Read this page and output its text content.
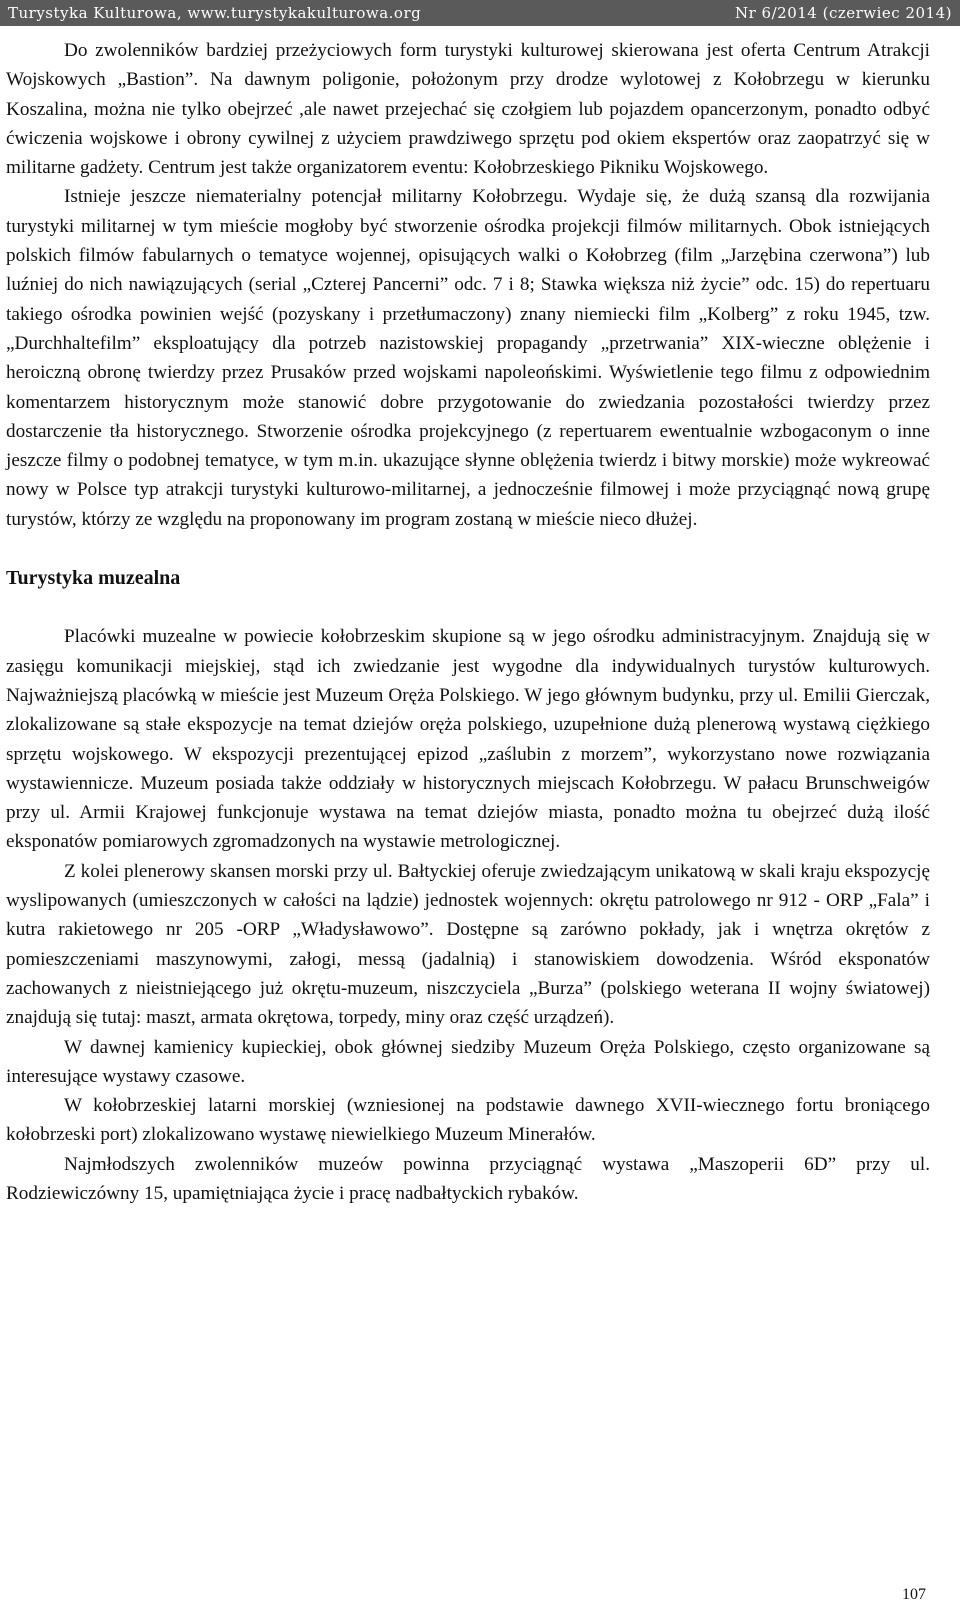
Turystyka Kulturowa, www.turystykakulturowa.org	Nr 6/2014 (czerwiec 2014)

Do zwolenników bardziej przeżyciowych form turystyki kulturowej skierowana jest oferta Centrum Atrakcji Wojskowych „Bastion”. Na dawnym poligonie, położonym przy drodze wylotowej z Kołobrzegu w kierunku Koszalina, można nie tylko obejrzeć ,ale nawet przejechać się czołgiem lub pojazdem opancerzonym, ponadto odbyć ćwiczenia wojskowe i obrony cywilnej z użyciem prawdziwego sprzętu pod okiem ekspertów oraz zaopatrzyć się w militarne gadżety. Centrum jest także organizatorem eventu: Kołobrzeskiego Pikniku Wojskowego.

Istnieje jeszcze niematerialny potencjał militarny Kołobrzegu. Wydaje się, że dużą szansą dla rozwijania turystyki militarnej w tym mieście mogłoby być stworzenie ośrodka projekcji filmów militarnych. Obok istniejących polskich filmów fabularnych o tematyce wojennej, opisujących walki o Kołobrzeg (film „Jarzębina czerwona”) lub luźniej do nich nawiązujących (serial „Czterej Pancerni” odc. 7 i 8; Stawka większa niż życie” odc. 15) do repertuaru takiego ośrodka powinien wejść (pozyskany i przetłumaczony) znany niemiecki film „Kolberg” z roku 1945, tzw. „Durchhaltefilm” eksploatujący dla potrzeb nazistowskiej propagandy „przetrwania” XIX-wieczne oblężenie i heroiczną obronę twierdzy przez Prusaków przed wojskami napoleońskimi. Wyświetlenie tego filmu z odpowiednim komentarzem historycznym może stanowić dobre przygotowanie do zwiedzania pozostałości twierdzy przez dostarczenie tła historycznego. Stworzenie ośrodka projekcyjnego (z repertuarem ewentualnie wzbogaconym o inne jeszcze filmy o podobnej tematyce, w tym m.in. ukazujące słynne oblężenia twierdz i bitwy morskie) może wykreować nowy w Polsce typ atrakcji turystyki kulturowo-militarnej, a jednocześnie filmowej i może przyciągnąć nową grupę turystów, którzy ze względu na proponowany im program zostaną w mieście nieco dłużej.

Turystyka muzealna

Placówki muzealne w powiecie kołobrzeskim skupione są w jego ośrodku administracyjnym. Znajdują się w zasięgu komunikacji miejskiej, stąd ich zwiedzanie jest wygodne dla indywidualnych turystów kulturowych. Najważniejszą placówką w mieście jest Muzeum Oręża Polskiego. W jego głównym budynku, przy ul. Emilii Gierczak, zlokalizowane są stałe ekspozycje na temat dziejów oręża polskiego, uzupełnione dużą plenerową wystawą ciężkiego sprzętu wojskowego. W ekspozycji prezentującej epizod „zaślubin z morzem”, wykorzystano nowe rozwiązania wystawiennicze. Muzeum posiada także oddziały w historycznych miejscach Kołobrzegu. W pałacu Brunschweigów przy ul. Armii Krajowej funkcjonuje wystawa na temat dziejów miasta, ponadto można tu obejrzeć dużą ilość eksponatów pomiarowych zgromadzonych na wystawie metrologicznej.

Z kolei plenerowy skansen morski przy ul. Bałtyckiej oferuje zwiedzającym unikatową w skali kraju ekspozycję wyslipowanych (umieszczonych w całości na lądzie) jednostek wojennych: okrętu patrolowego nr 912 - ORP „Fala” i kutra rakietowego nr 205 -ORP „Władysławowo”. Dostępne są zarówno pokłady, jak i wnętrza okrętów z pomieszczeniami maszynowymi, załogi, messą (jadalnią) i stanowiskiem dowodzenia. Wśród eksponatów zachowanych z nieistniejącego już okrętu-muzeum, niszczyciela „Burza” (polskiego weterana II wojny światowej) znajdują się tutaj: maszt, armata okrętowa, torpedy, miny oraz część urządzeń).

W dawnej kamienicy kupieckiej, obok głównej siedziby Muzeum Oręża Polskiego, często organizowane są interesujące wystawy czasowe.

W kołobrzeskiej latarni morskiej (wzniesionej na podstawie dawnego XVII-wiecznego fortu broniącego kołobrzeski port) zlokalizowano wystawę niewielkiego Muzeum Minerałów.

Najmłodszych zwolenników muzeów powinna przyciągnąć wystawa „Maszoperii 6D” przy ul. Rodziewiczówny 15, upamiętniająca życie i pracę nadbałtyckich rybaków.

107
